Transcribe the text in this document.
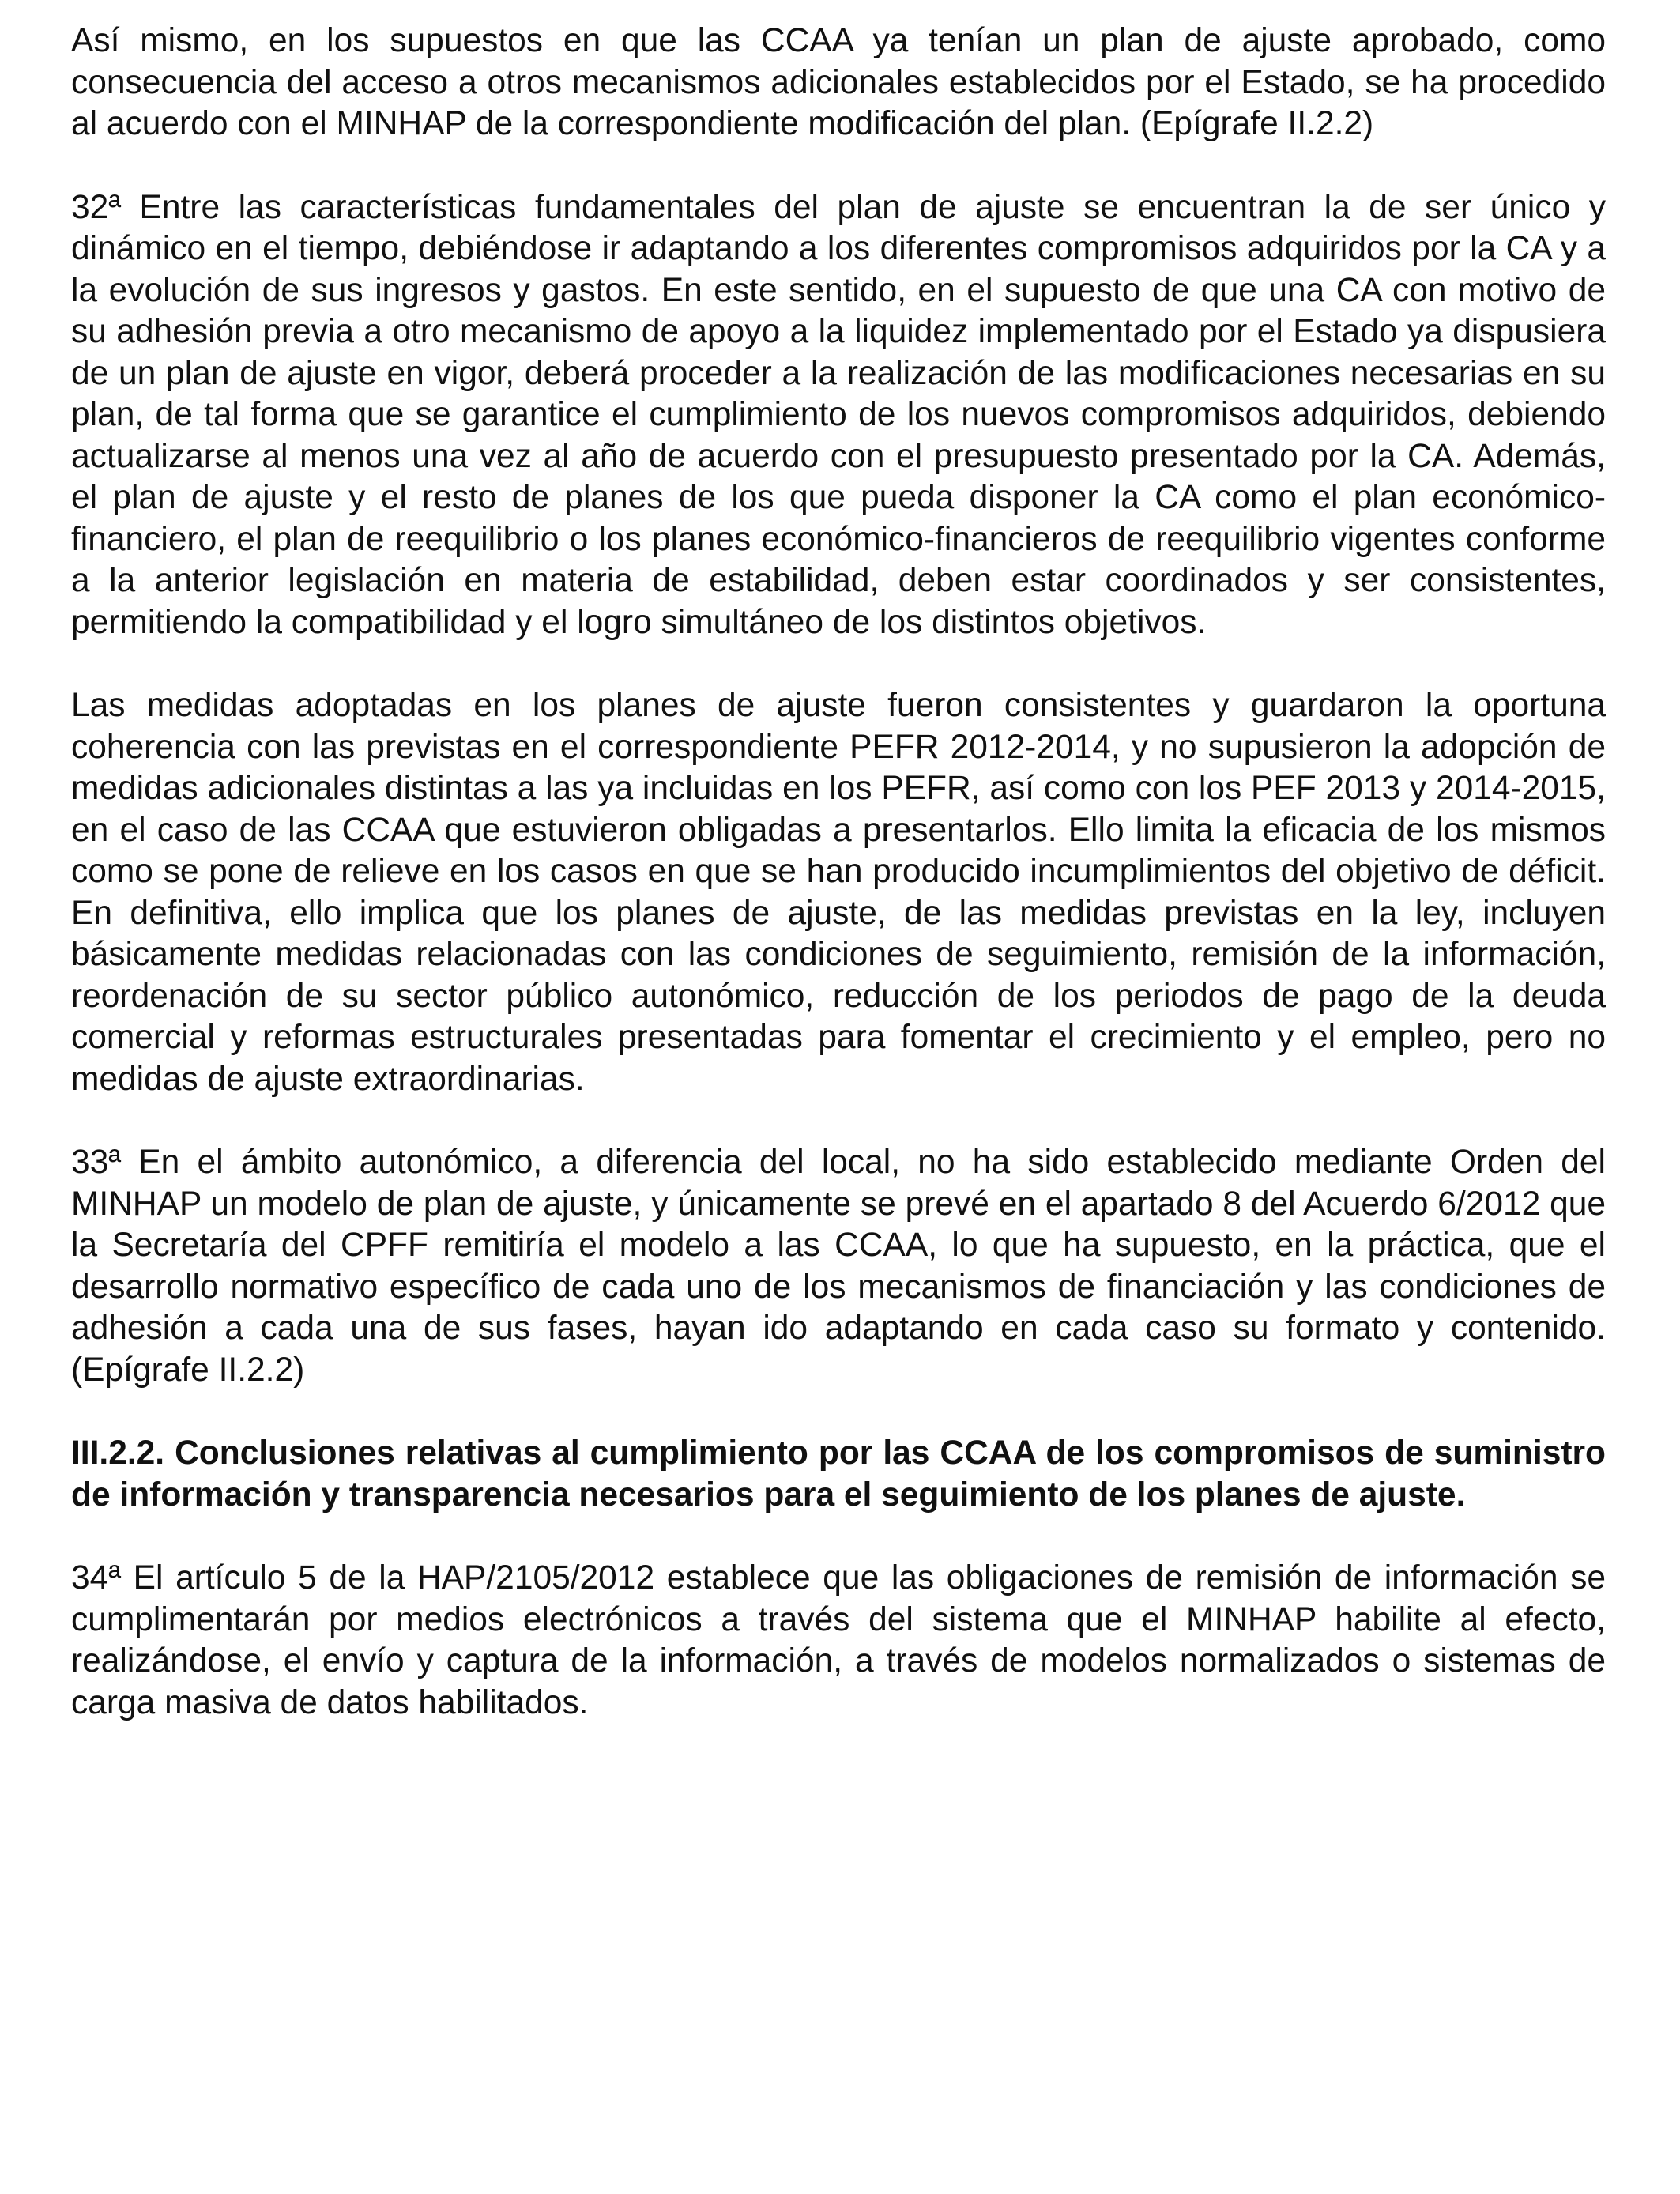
Así mismo, en los supuestos en que las CCAA ya tenían un plan de ajuste aprobado, como consecuencia del acceso a otros mecanismos adicionales establecidos por el Estado, se ha procedido al acuerdo con el MINHAP de la correspondiente modificación del plan. (Epígrafe II.2.2)

32ª Entre las características fundamentales del plan de ajuste se encuentran la de ser único y dinámico en el tiempo, debiéndose ir adaptando a los diferentes compromisos adquiridos por la CA y a la evolución de sus ingresos y gastos. En este sentido, en el supuesto de que una CA con motivo de su adhesión previa a otro mecanismo de apoyo a la liquidez implementado por el Estado ya dispusiera de un plan de ajuste en vigor, deberá proceder a la realización de las modificaciones necesarias en su plan, de tal forma que se garantice el cumplimiento de los nuevos compromisos adquiridos, debiendo actualizarse al menos una vez al año de acuerdo con el presupuesto presentado por la CA. Además, el plan de ajuste y el resto de planes de los que pueda disponer la CA como el plan económico-financiero, el plan de reequilibrio o los planes económico-financieros de reequilibrio vigentes conforme a la anterior legislación en materia de estabilidad, deben estar coordinados y ser consistentes, permitiendo la compatibilidad y el logro simultáneo de los distintos objetivos.

Las medidas adoptadas en los planes de ajuste fueron consistentes y guardaron la oportuna coherencia con las previstas en el correspondiente PEFR 2012-2014, y no supusieron la adopción de medidas adicionales distintas a las ya incluidas en los PEFR, así como con los PEF 2013 y 2014-2015, en el caso de las CCAA que estuvieron obligadas a presentarlos. Ello limita la eficacia de los mismos como se pone de relieve en los casos en que se han producido incumplimientos del objetivo de déficit. En definitiva, ello implica que los planes de ajuste, de las medidas previstas en la ley, incluyen básicamente medidas relacionadas con las condiciones de seguimiento, remisión de la información, reordenación de su sector público autonómico, reducción de los periodos de pago de la deuda comercial y reformas estructurales presentadas para fomentar el crecimiento y el empleo, pero no medidas de ajuste extraordinarias.

33ª En el ámbito autonómico, a diferencia del local, no ha sido establecido mediante Orden del MINHAP un modelo de plan de ajuste, y únicamente se prevé en el apartado 8 del Acuerdo 6/2012 que la Secretaría del CPFF remitiría el modelo a las CCAA, lo que ha supuesto, en la práctica, que el desarrollo normativo específico de cada uno de los mecanismos de financiación y las condiciones de adhesión a cada una de sus fases, hayan ido adaptando en cada caso su formato y contenido. (Epígrafe II.2.2)

III.2.2. Conclusiones relativas al cumplimiento por las CCAA de los compromisos de suministro de información y transparencia necesarios para el seguimiento de los planes de ajuste.

34ª El artículo 5 de la HAP/2105/2012 establece que las obligaciones de remisión de información se cumplimentarán por medios electrónicos a través del sistema que el MINHAP habilite al efecto, realizándose, el envío y captura de la información, a través de modelos normalizados o sistemas de carga masiva de datos habilitados.
